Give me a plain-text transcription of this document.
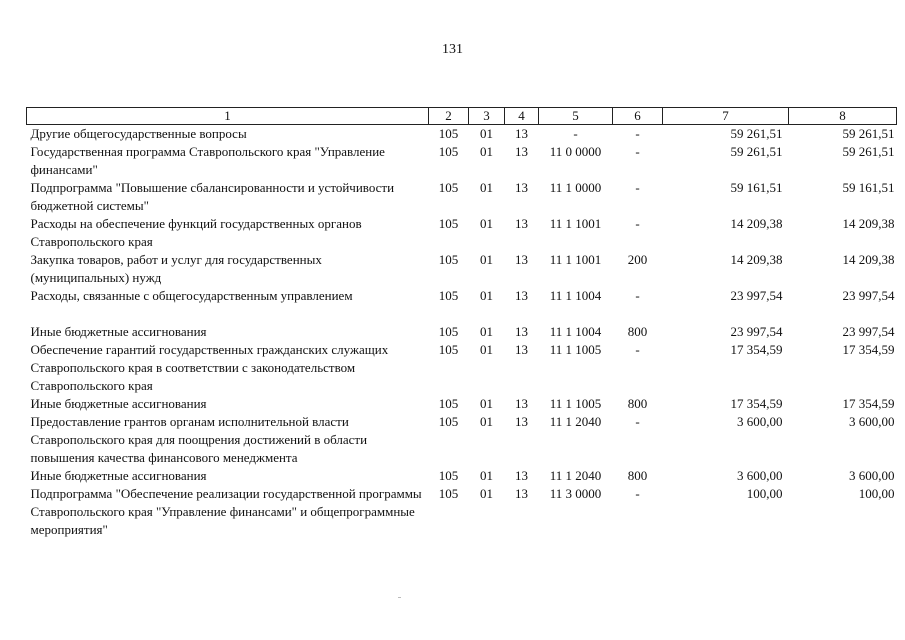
131
1	2	3	4	5	6	7	8
Другие общегосударственные вопросы	105	01	13	-	-	59 261,51	59 261,51
Государственная программа Ставропольского края "Управление финансами"	105	01	13	11 0 0000	-	59 261,51	59 261,51
Подпрограмма "Повышение сбалансированности и устойчивости бюджетной системы"	105	01	13	11 1 0000	-	59 161,51	59 161,51
Расходы на обеспечение функций государственных органов Ставропольского края	105	01	13	11 1 1001	-	14 209,38	14 209,38
Закупка товаров, работ и услуг для государственных (муниципальных) нужд	105	01	13	11 1 1001	200	14 209,38	14 209,38
Расходы, связанные с общегосударственным управлением	105	01	13	11 1 1004	-	23 997,54	23 997,54
Иные бюджетные ассигнования	105	01	13	11 1 1004	800	23 997,54	23 997,54
Обеспечение гарантий государственных гражданских служащих Ставропольского края в соответствии с законодательством Ставропольского края	105	01	13	11 1 1005	-	17 354,59	17 354,59
Иные бюджетные ассигнования	105	01	13	11 1 1005	800	17 354,59	17 354,59
Предоставление грантов органам исполнительной власти Ставропольского края для поощрения достижений в области повышения качества финансового менеджмента	105	01	13	11 1 2040	-	3 600,00	3 600,00
Иные бюджетные ассигнования	105	01	13	11 1 2040	800	3 600,00	3 600,00
Подпрограмма "Обеспечение реализации государственной программы Ставропольского края "Управление финансами" и общепрограммные мероприятия"	105	01	13	11 3 0000	-	100,00	100,00
